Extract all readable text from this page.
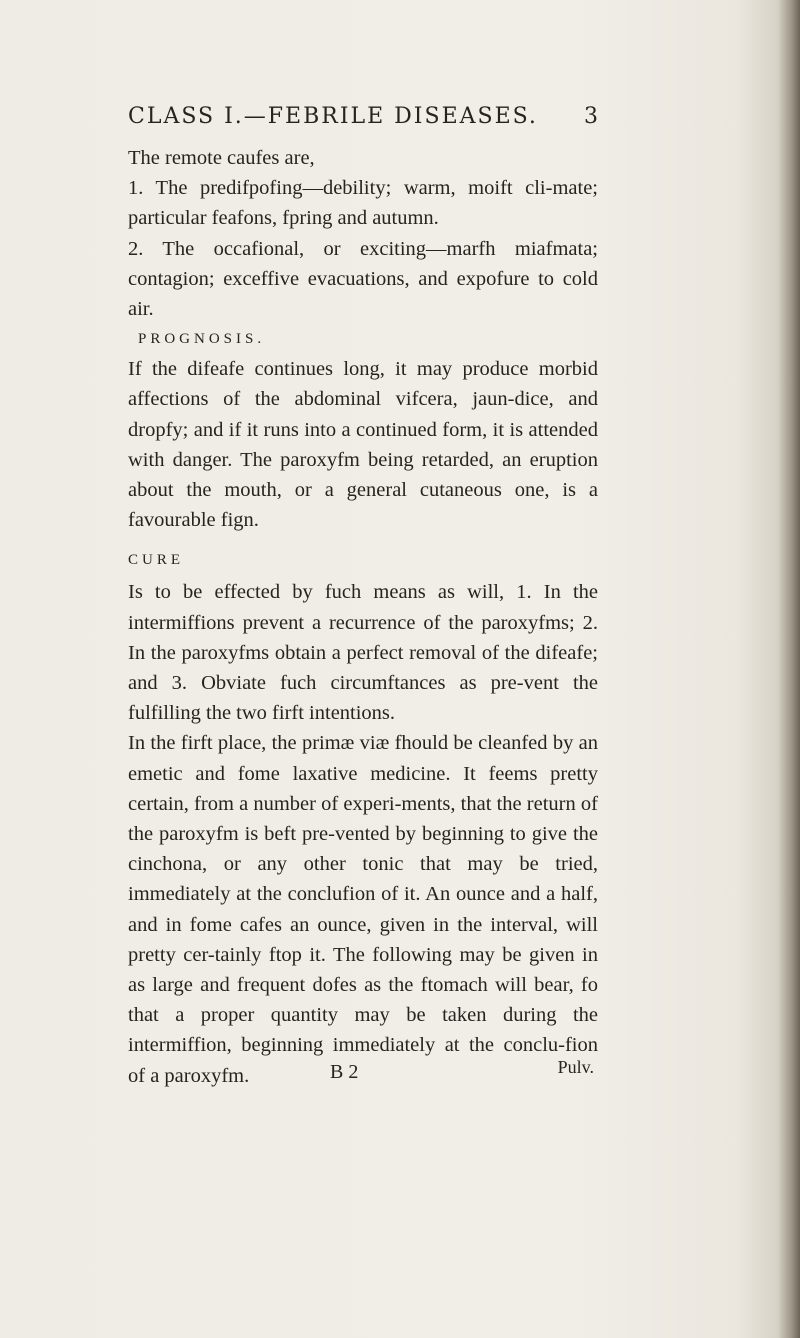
CLASS I.—FEBRILE DISEASES. 3

The remote caufes are,

1. The predifpofing—debility; warm, moift cli-mate; particular feafons, fpring and autumn.

2. The occafional, or exciting—marfh miafmata; contagion; exceffive evacuations, and expofure to cold air.

PROGNOSIS.

If the difeafe continues long, it may produce morbid affections of the abdominal vifcera, jaun-dice, and dropfy; and if it runs into a continued form, it is attended with danger. The paroxyfm being retarded, an eruption about the mouth, or a general cutaneous one, is a favourable fign.

CURE

Is to be effected by fuch means as will, 1. In the intermiffions prevent a recurrence of the paroxyfms; 2. In the paroxyfms obtain a perfect removal of the difeafe; and 3. Obviate fuch circumftances as pre-vent the fulfilling the two firft intentions.

In the firft place, the primæ viæ fhould be cleanfed by an emetic and fome laxative medicine. It feems pretty certain, from a number of experi-ments, that the return of the paroxyfm is beft pre-vented by beginning to give the cinchona, or any other tonic that may be tried, immediately at the conclufion of it. An ounce and a half, and in fome cafes an ounce, given in the interval, will pretty cer-tainly ftop it. The following may be given in as large and frequent dofes as the ftomach will bear, fo that a proper quantity may be taken during the intermiffion, beginning immediately at the conclu-fion of a paroxyfm.	B 2	Pulv.
